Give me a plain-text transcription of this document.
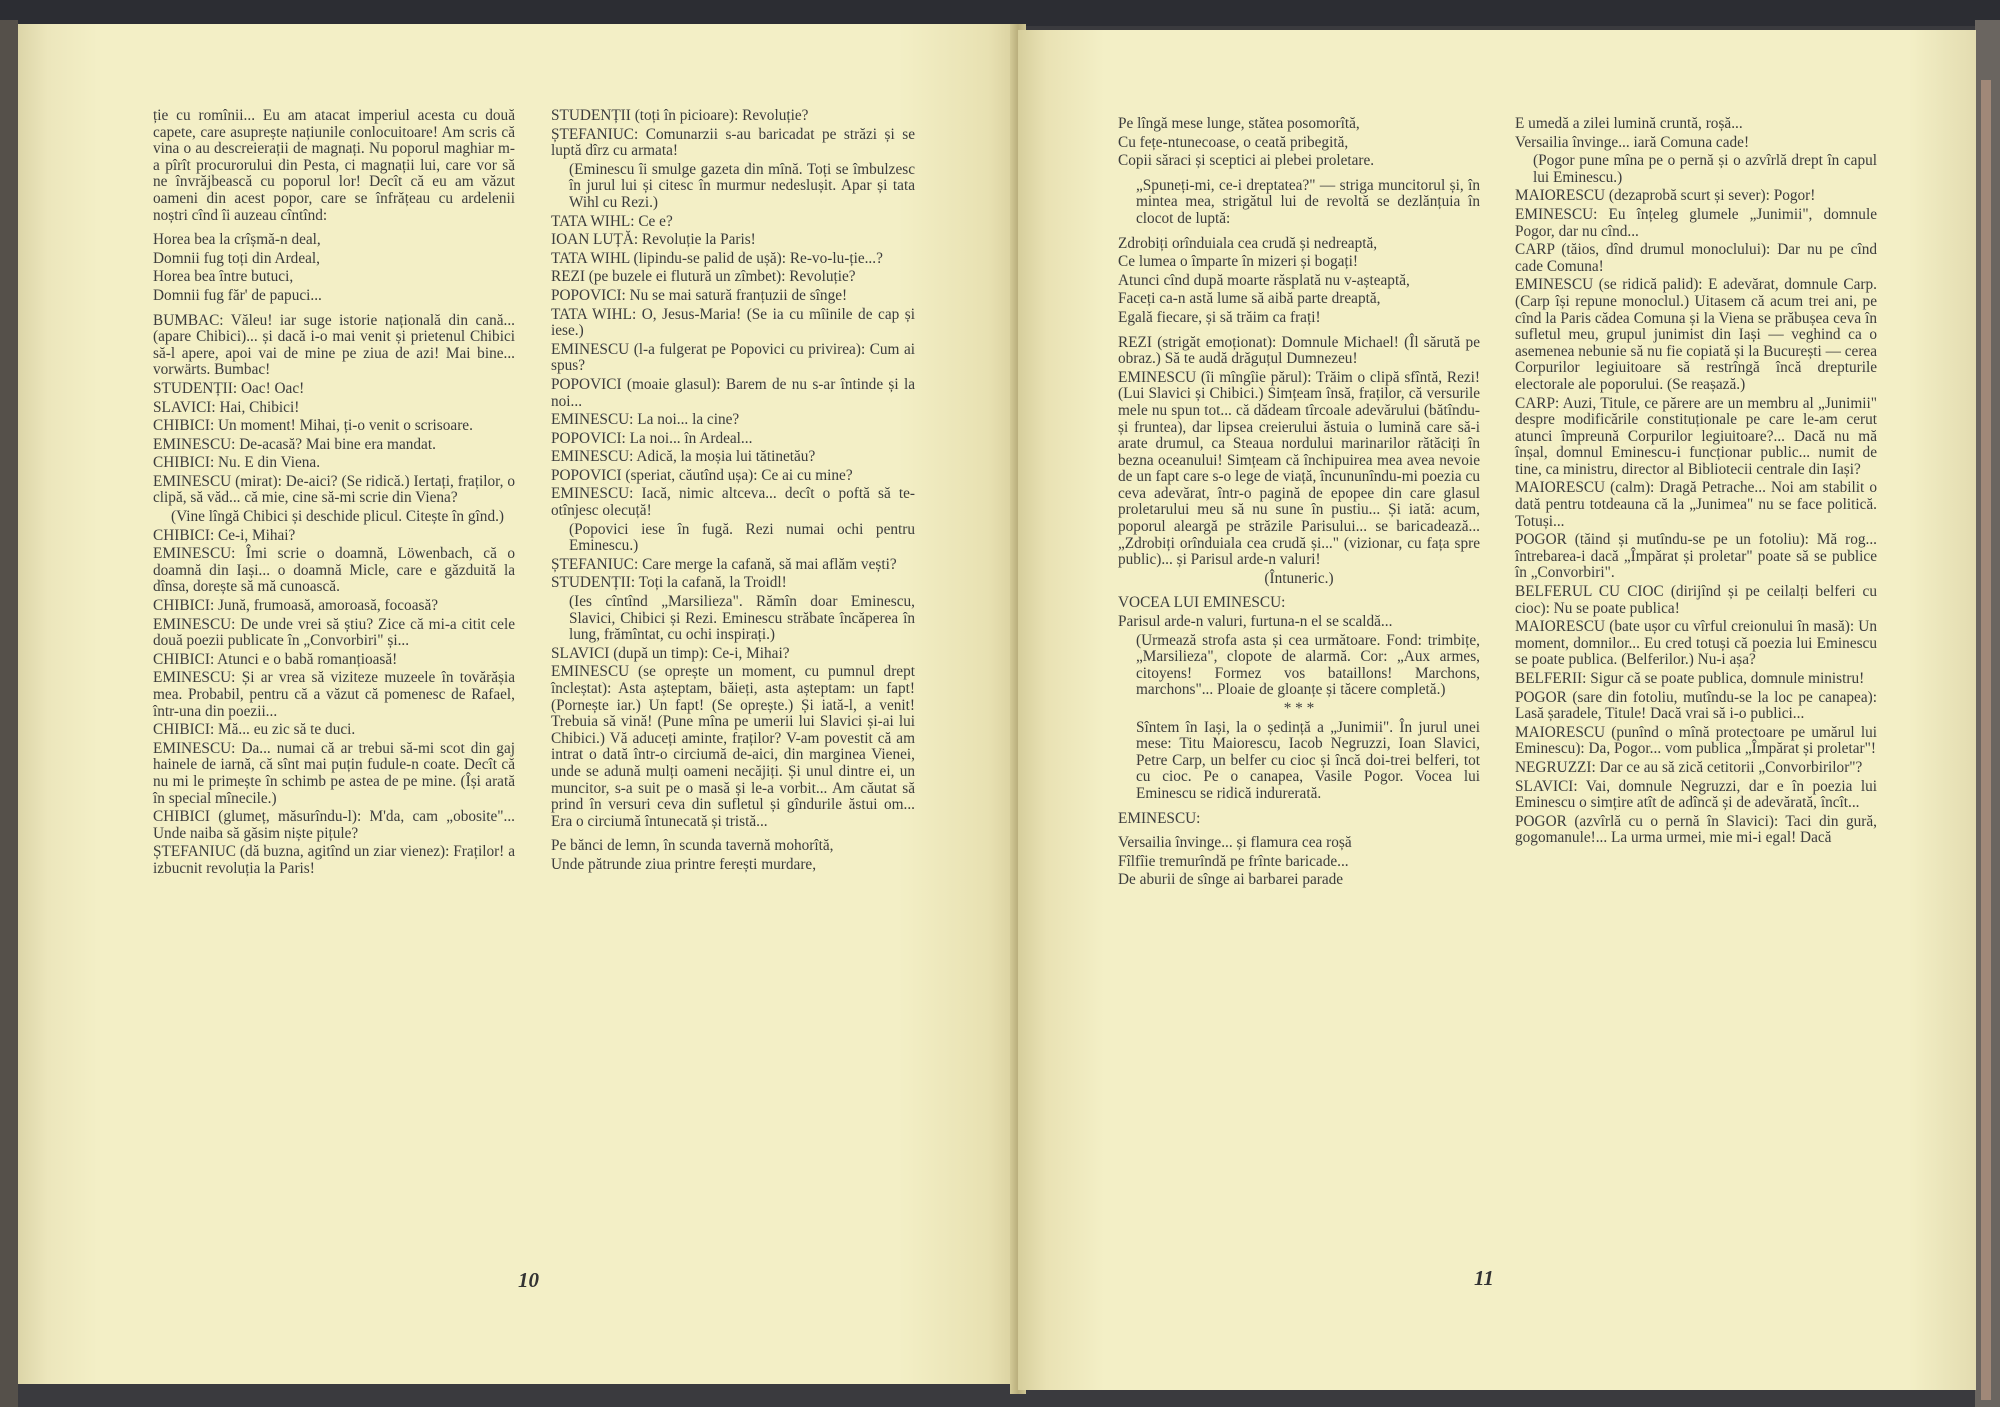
ție cu romînii... Eu am atacat imperiul acesta cu două capete, care asuprește națiunile conlocuitoare! Am scris că vina o au descreierații de magnați. Nu poporul maghiar m-a pîrît procurorului din Pesta, ci magnații lui, care vor să ne învrăjbească cu poporul lor! Decît că eu am văzut oameni din acest popor, care se înfrățeau cu ardelenii noștri cînd îi auzeau cîntînd:

Horea bea la crîșmă-n deal,

Domnii fug toți din Ardeal,

Horea bea între butuci,

Domnii fug făr' de papuci...

BUMBAC: Văleu! iar suge istorie națională din cană... (apare Chibici)... și dacă i-o mai venit și prietenul Chibici să-l apere, apoi vai de mine pe ziua de azi! Mai bine... vorwärts. Bumbac!

STUDENȚII: Oac! Oac!

SLAVICI: Hai, Chibici!

CHIBICI: Un moment! Mihai, ți-o venit o scrisoare.

EMINESCU: De-acasă? Mai bine era mandat.

CHIBICI: Nu. E din Viena.

EMINESCU (mirat): De-aici? (Se ridică.) Iertați, fraților, o clipă, să văd... că mie, cine să-mi scrie din Viena?

(Vine lîngă Chibici și deschide plicul. Citește în gînd.)

CHIBICI: Ce-i, Mihai?

EMINESCU: Îmi scrie o doamnă, Löwenbach, că o doamnă din Iași... o doamnă Micle, care e găzduită la dînsa, dorește să mă cunoască.

CHIBICI: Jună, frumoasă, amoroasă, focoasă?

EMINESCU: De unde vrei să știu? Zice că mi-a citit cele două poezii publicate în „Convorbiri" și...

CHIBICI: Atunci e o babă romanțioasă!

EMINESCU: Și ar vrea să viziteze muzeele în tovărășia mea. Probabil, pentru că a văzut că pomenesc de Rafael, într-una din poezii...

CHIBICI: Mă... eu zic să te duci.

EMINESCU: Da... numai că ar trebui să-mi scot din gaj hainele de iarnă, că sînt mai puțin fudule-n coate. Decît că nu mi le primește în schimb pe astea de pe mine. (Își arată în special mînecile.)

CHIBICI (glumeț, măsurîndu-l): M'da, cam „obosite"... Unde naiba să găsim niște pițule?

ȘTEFANIUC (dă buzna, agitînd un ziar vienez): Fraților! a izbucnit revoluția la Paris!

STUDENȚII (toți în picioare): Revoluție?

ȘTEFANIUC: Comunarzii s-au baricadat pe străzi și se luptă dîrz cu armata!

(Eminescu îi smulge gazeta din mînă. Toți se îmbulzesc în jurul lui și citesc în murmur nedeslușit. Apar și tata Wihl cu Rezi.)

TATA WIHL: Ce e?

IOAN LUȚĂ: Revoluție la Paris!

TATA WIHL (lipindu-se palid de ușă): Re-vo-lu-ție...?

REZI (pe buzele ei flutură un zîmbet): Revoluție?

POPOVICI: Nu se mai satură franțuzii de sînge!

TATA WIHL: O, Jesus-Maria! (Se ia cu mîinile de cap și iese.)

EMINESCU (l-a fulgerat pe Popovici cu privirea): Cum ai spus?

POPOVICI (moaie glasul): Barem de nu s-ar întinde și la noi...

EMINESCU: La noi... la cine?

POPOVICI: La noi... în Ardeal...

EMINESCU: Adică, la moșia lui tătinetău?

POPOVICI (speriat, căutînd ușa): Ce ai cu mine?

EMINESCU: Iacă, nimic altceva... decît o poftă să te-otînjesc olecuță!

(Popovici iese în fugă. Rezi numai ochi pentru Eminescu.)

ȘTEFANIUC: Care merge la cafană, să mai aflăm vești?

STUDENȚII: Toți la cafană, la Troidl!

(Ies cîntînd „Marsilieza". Rămîn doar Eminescu, Slavici, Chibici și Rezi. Eminescu străbate încăperea în lung, frămîntat, cu ochi inspirați.)

SLAVICI (după un timp): Ce-i, Mihai?

EMINESCU (se oprește un moment, cu pumnul drept încleștat): Asta așteptam, băieți, asta așteptam: un fapt! (Pornește iar.) Un fapt! (Se oprește.) Și iată-l, a venit! Trebuia să vină! (Pune mîna pe umerii lui Slavici și-ai lui Chibici.) Vă aduceți aminte, fraților? V-am povestit că am intrat o dată într-o circiumă de-aici, din marginea Vienei, unde se adună mulți oameni necăjiți. Și unul dintre ei, un muncitor, s-a suit pe o masă și le-a vorbit... Am căutat să prind în versuri ceva din sufletul și gîndurile ăstui om... Era o circiumă întunecată și tristă...

Pe bănci de lemn, în scunda tavernă mohorîtă,

Unde pătrunde ziua printre ferești murdare,

10

Pe lîngă mese lunge, stătea posomorîtă,

Cu fețe-ntunecoase, o ceată pribegită,

Copii săraci și sceptici ai plebei proletare.

„Spuneți-mi, ce-i dreptatea?" — striga muncitorul și, în mintea mea, strigătul lui de revoltă se dezlănțuia în clocot de luptă:

Zdrobiți orînduiala cea crudă și nedreaptă,

Ce lumea o împarte în mizeri și bogați!

Atunci cînd după moarte răsplată nu v-așteaptă,

Faceți ca-n astă lume să aibă parte dreaptă,

Egală fiecare, și să trăim ca frați!

REZI (strigăt emoționat): Domnule Michael! (Îl sărută pe obraz.) Să te audă drăguțul Dumnezeu!

EMINESCU (îi mîngîie părul): Trăim o clipă sfîntă, Rezi! (Lui Slavici și Chibici.) Simțeam însă, fraților, că versurile mele nu spun tot... că dădeam tîrcoale adevărului (bătîndu-și fruntea), dar lipsea creierului ăstuia o lumină care să-i arate drumul, ca Steaua nordului marinarilor rătăciți în bezna oceanului! Simțeam că închipuirea mea avea nevoie de un fapt care s-o lege de viață, încununîndu-mi poezia cu ceva adevărat, într-o pagină de epopee din care glasul proletarului meu să nu sune în pustiu... Și iată: acum, poporul aleargă pe străzile Parisului... se baricadează... „Zdrobiți orînduiala cea crudă și..." (vizionar, cu fața spre public)... și Parisul arde-n valuri!

(Întuneric.)

VOCEA LUI EMINESCU:

Parisul arde-n valuri, furtuna-n el se scaldă...

(Urmează strofa asta și cea următoare. Fond: trimbițe, „Marsilieza", clopote de alarmă. Cor: „Aux armes, citoyens! Formez vos bataillons! Marchons, marchons"... Ploaie de gloanțe și tăcere completă.)

* * *

Sîntem în Iași, la o ședință a „Junimii". În jurul unei mese: Titu Maiorescu, Iacob Negruzzi, Ioan Slavici, Petre Carp, un belfer cu cioc și încă doi-trei belferi, tot cu cioc. Pe o canapea, Vasile Pogor. Vocea lui Eminescu se ridică indurerată.

EMINESCU:

Versailia învinge... și flamura cea roșă

Fîlfîie tremurîndă pe frînte baricade...

De aburii de sînge ai barbarei parade

E umedă a zilei lumină cruntă, roșă...

Versailia învinge... iară Comuna cade!

(Pogor pune mîna pe o pernă și o azvîrlă drept în capul lui Eminescu.)

MAIORESCU (dezaprobă scurt și sever): Pogor!

EMINESCU: Eu înțeleg glumele „Junimii", domnule Pogor, dar nu cînd...

CARP (tăios, dînd drumul monoclului): Dar nu pe cînd cade Comuna!

EMINESCU (se ridică palid): E adevărat, domnule Carp. (Carp își repune monoclul.) Uitasem că acum trei ani, pe cînd la Paris cădea Comuna și la Viena se prăbușea ceva în sufletul meu, grupul junimist din Iași — veghind ca o asemenea nebunie să nu fie copiată și la București — cerea Corpurilor legiuitoare să restrîngă încă drepturile electorale ale poporului. (Se reașază.)

CARP: Auzi, Titule, ce părere are un membru al „Junimii" despre modificările constituționale pe care le-am cerut atunci împreună Corpurilor legiuitoare?... Dacă nu mă înșal, domnul Eminescu-i funcționar public... numit de tine, ca ministru, director al Bibliotecii centrale din Iași?

MAIORESCU (calm): Dragă Petrache... Noi am stabilit o dată pentru totdeauna că la „Junimea" nu se face politică. Totuși...

POGOR (tăind și mutîndu-se pe un fotoliu): Mă rog... întrebarea-i dacă „Împărat și proletar" poate să se publice în „Convorbiri".

BELFERUL CU CIOC (dirijînd și pe ceilalți belferi cu cioc): Nu se poate publica!

MAIORESCU (bate ușor cu vîrful creionului în masă): Un moment, domnilor... Eu cred totuși că poezia lui Eminescu se poate publica. (Belferilor.) Nu-i așa?

BELFERII: Sigur că se poate publica, domnule ministru!

POGOR (sare din fotoliu, mutîndu-se la loc pe canapea): Lasă șaradele, Titule! Dacă vrai să i-o publici...

MAIORESCU (punînd o mînă protectoare pe umărul lui Eminescu): Da, Pogor... vom publica „Împărat și proletar"!

NEGRUZZI: Dar ce au să zică cetitorii „Convorbirilor"?

SLAVICI: Vai, domnule Negruzzi, dar e în poezia lui Eminescu o simțire atît de adîncă și de adevărată, încît...

POGOR (azvîrlă cu o pernă în Slavici): Taci din gură, gogomanule!... La urma urmei, mie mi-i egal! Dacă

11
